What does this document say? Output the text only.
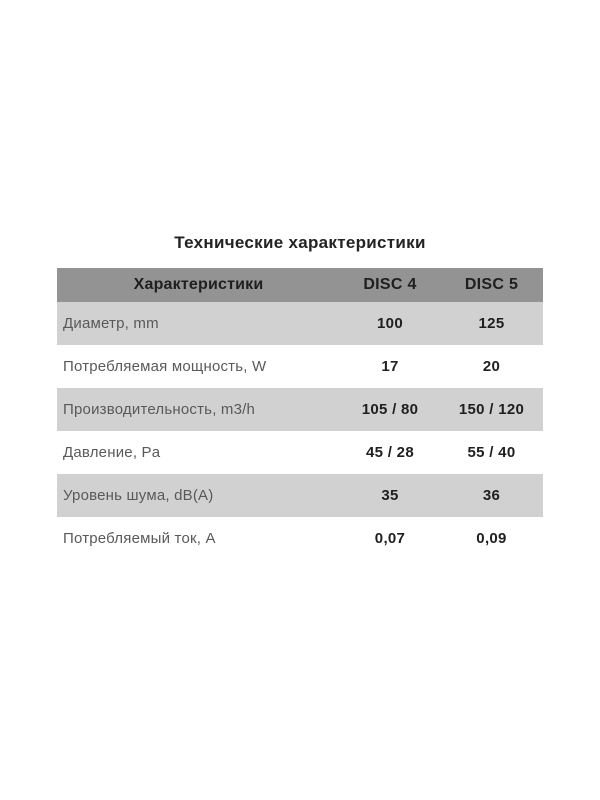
Технические характеристики
Характеристики	DISC 4	DISC 5
Диаметр, mm	100	125
Потребляемая мощность, W	17	20
Производительность, m3/h	105 / 80	150 / 120
Давление, Pa	45 / 28	55 / 40
Уровень шума, dB(A)	35	36
Потребляемый ток, А	0,07	0,09
